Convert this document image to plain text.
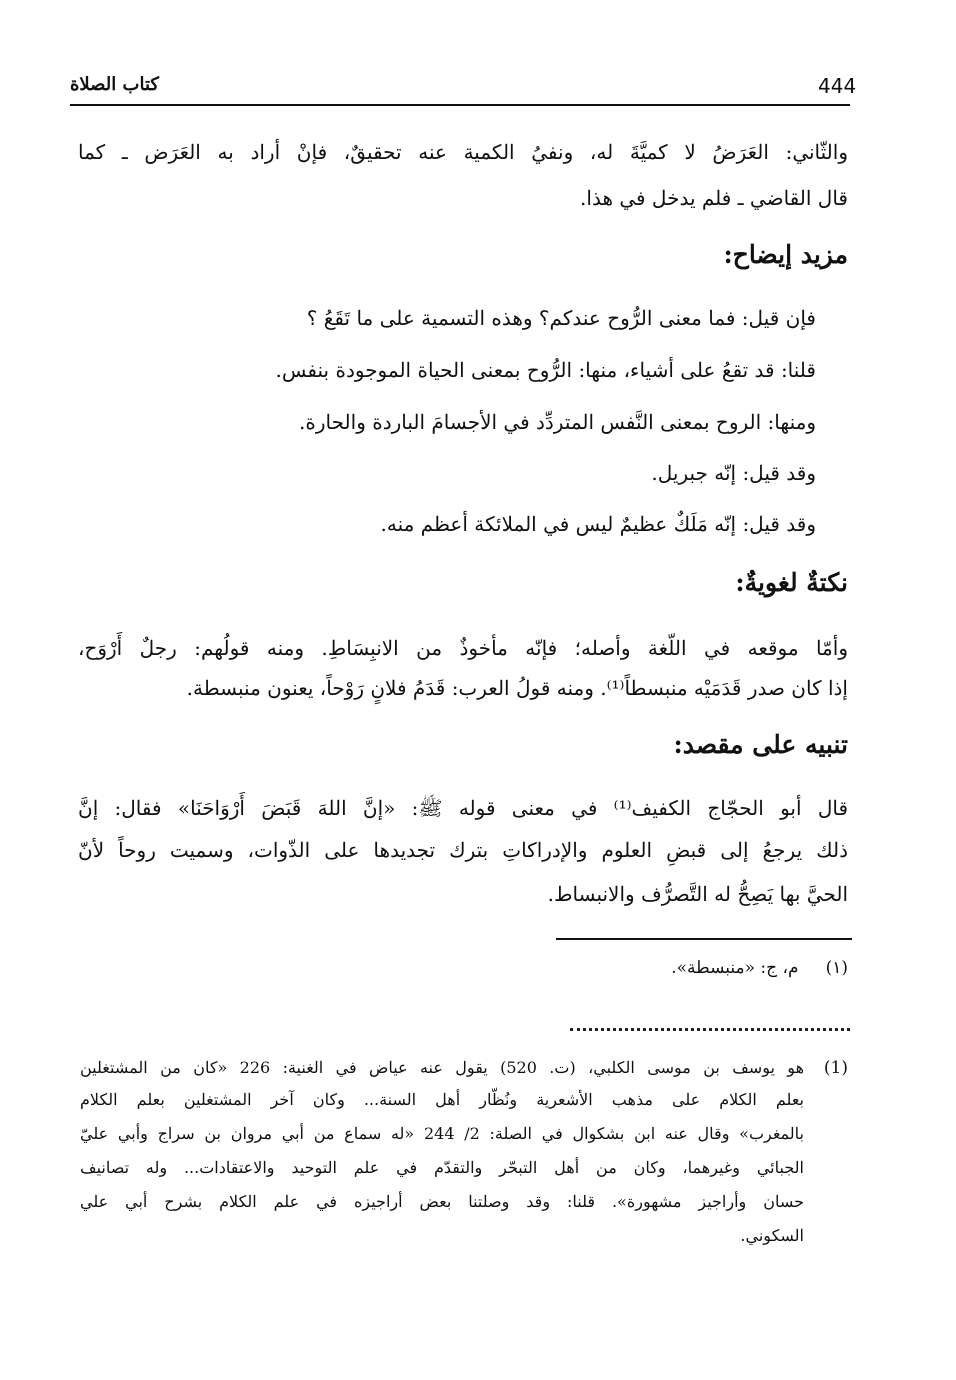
444
كتاب الصلاة
والثّاني: العَرَضُ لا كميَّةَ له، ونفيُ الكمية عنه تحقيقٌ، فإنْ أراد به العَرَض ـ كما
قال القاضي ـ فلم يدخل في هذا.
مزيد إيضاح:
فإن قيل: فما معنى الرُّوح عندكم؟ وهذه التسمية على ما تَقَعُ ؟
قلنا: قد تقعُ على أشياء، منها: الرُّوح بمعنى الحياة الموجودة بنفس.
ومنها: الروح بمعنى النَّفس المتردِّد في الأجسامَ الباردة والحارة.
وقد قيل: إنّه جبريل.
وقد قيل: إنّه مَلَكٌ عظيمٌ ليس في الملائكة أعظم منه.
نكتةٌ لغويةٌ:
وأمّا موقعه في اللّغة وأصله؛ فإنّه مأخوذٌ من الانبِسَاطِ. ومنه قولُهم: رجلٌ أَرْوَح،
إذا كان صدر قَدَمَيْه منبسطاً⁽¹⁾. ومنه قولُ العرب: قَدَمُ فلانٍ رَوْحاً، يعنون منبسطة.
تنبيه على مقصد:
قال أبو الحجّاج الكفيف⁽¹⁾ في معنى قوله ﷺ: «إنَّ اللهَ قَبَضَ أَرْوَاحَنَا» فقال: إنَّ
ذلك يرجعُ إلى قبضِ العلوم والإدراكاتِ بترك تجديدها على الذّوات، وسميت روحاً لأنّ
الحيَّ بها يَصِحُّ له التَّصرُّف والانبساط.
(١)     م، ج: «منبسطة».
(1)
هو يوسف بن موسى الكلبي، (ت. 520) يقول عنه عياض في الغنية: 226 «كان من المشتغلين
بعلم الكلام على مذهب الأشعرية ونُظّار أهل السنة... وكان آخر المشتغلين بعلم الكلام
بالمغرب» وقال عنه ابن بشكوال في الصلة: 2/ 244 «له سماع من أبي مروان بن سراج وأبي عليّ
الجبائي وغيرهما، وكان من أهل التبحّر والتقدّم في علم التوحيد والاعتقادات... وله تصانيف
حسان وأراجيز مشهورة». قلنا: وقد وصلتنا بعض أراجيزه في علم الكلام بشرح أبي علي
السكوني.
